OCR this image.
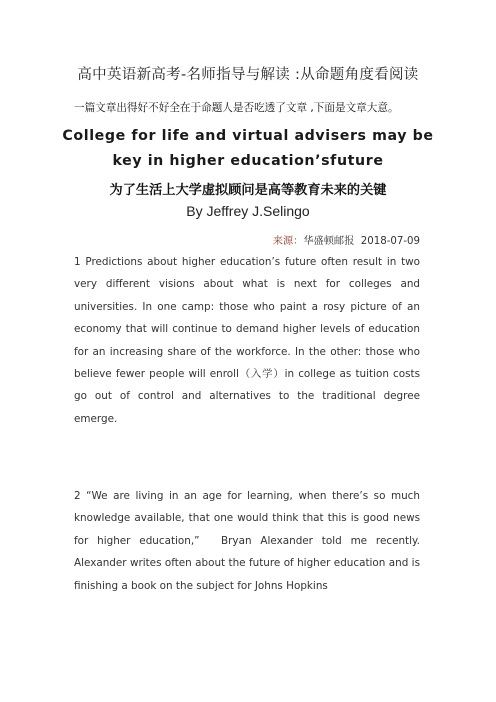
高中英语新高考-名师指导与解读 :从命题角度看阅读
一篇文章出得好不好全在于命题人是否吃透了文章 ,下面是文章大意。
College for life and virtual advisers may be key in higher education’sfuture
为了生活上大学虚拟顾问是高等教育未来的关键
By Jeffrey J.Selingo
来源：华盛顿邮报 2018-07-09
1 Predictions about higher education’s future often result in two very different visions about what is next for colleges and universities. In one camp: those who paint a rosy picture of an economy that will continue to demand higher levels of education for an increasing share of the workforce. In the other: those who believe fewer people will enroll（入学）in college as tuition costs go out of control and alternatives to the traditional degree emerge.
2 “We are living in an age for learning, when there’s so much knowledge available, that one would think that this is good news for higher education,”　Bryan Alexander told me recently. Alexander writes often about the future of higher education and is finishing a book on the subject for Johns Hopkins
